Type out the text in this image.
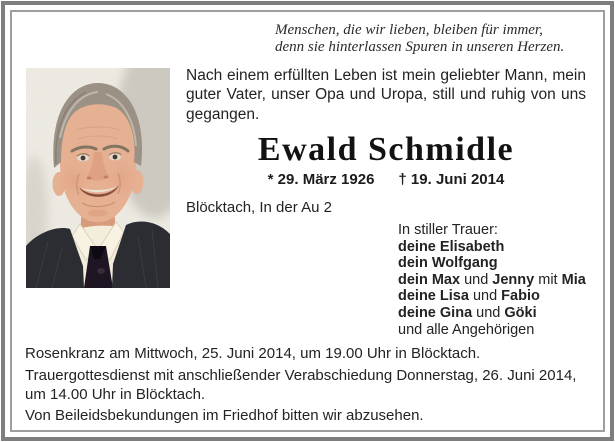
Menschen, die wir lieben, bleiben für immer,
denn sie hinterlassen Spuren in unseren Herzen.
Nach einem erfüllten Leben ist mein geliebter Mann, mein
guter Vater, unser Opa und Uropa, still und ruhig von uns
gegangen.
Ewald Schmidle
* 29. März 1926 † 19. Juni 2014
Blöcktach, In der Au 2
In stiller Trauer:
deine Elisabeth
dein Wolfgang
dein Max und Jenny mit Mia
deine Lisa und Fabio
deine Gina und Göki
und alle Angehörigen

Rosenkranz am Mittwoch, 25. Juni 2014, um 19.00 Uhr in Blöcktach.

Trauergottesdienst mit anschließender Verabschiedung Donnerstag, 26. Juni 2014, um 14.00 Uhr in Blöcktach.

Von Beileidsbekundungen im Friedhof bitten wir abzusehen.
